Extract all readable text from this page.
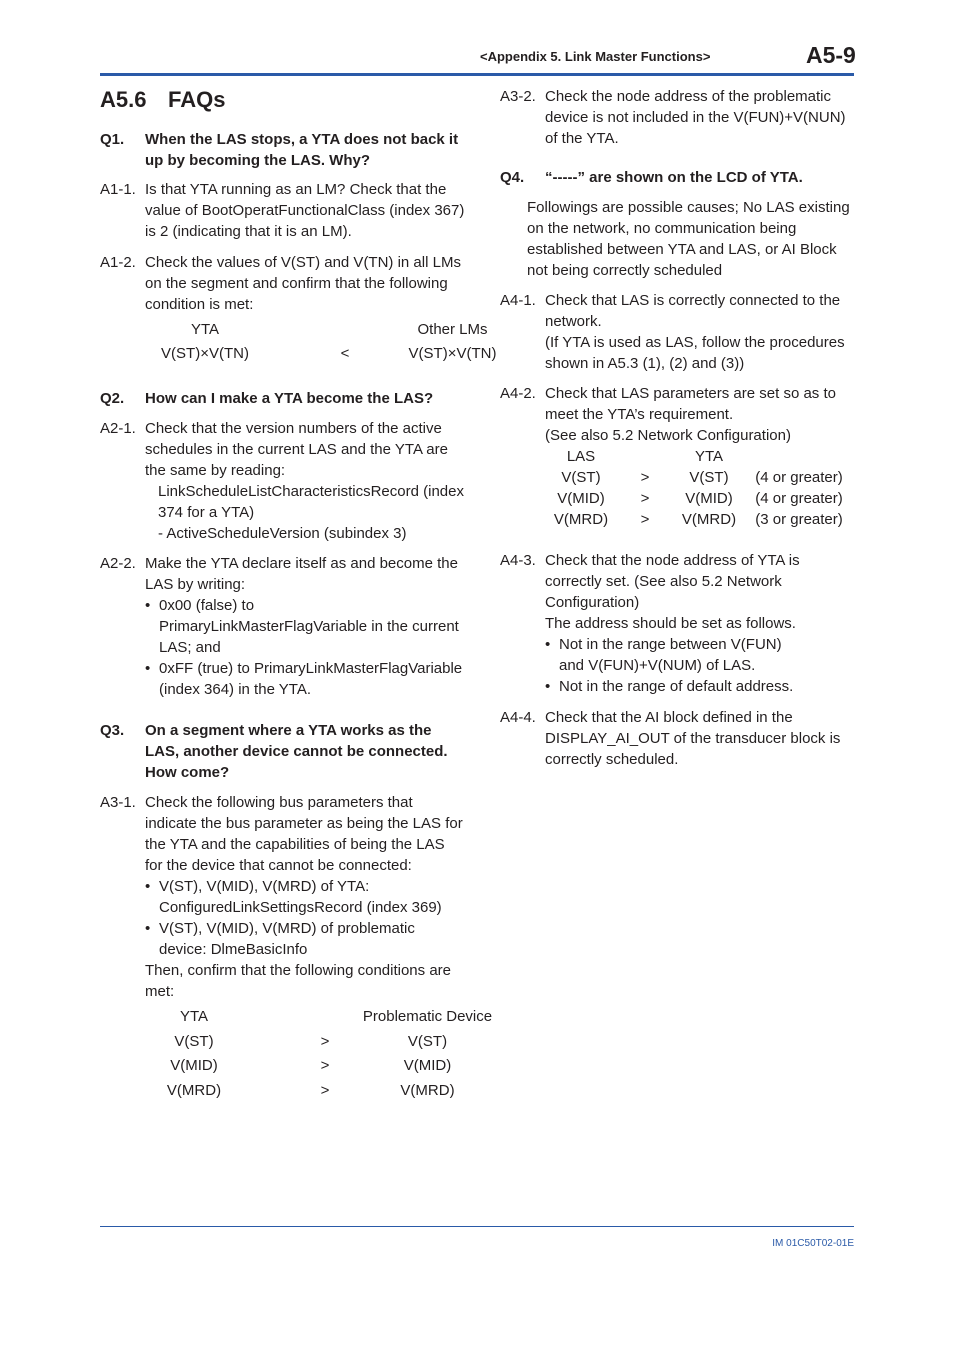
<Appendix 5. Link Master Functions>	A5-9
A5.6 FAQs
Q1.	When the LAS stops, a YTA does not back it up by becoming the LAS. Why?
A1-1. Is that YTA running as an LM? Check that the value of BootOperatFunctionalClass (index 367) is 2 (indicating that it is an LM).
A1-2. Check the values of V(ST) and V(TN) in all LMs on the segment and confirm that the following condition is met:
YTA	Other LMs
V(ST)×V(TN)	<	V(ST)×V(TN)
Q2.	How can I make a YTA become the LAS?
A2-1. Check that the version numbers of the active schedules in the current LAS and the YTA are the same by reading:
LinkScheduleListCharacteristicsRecord (index 374 for a YTA)
- ActiveScheduleVersion (subindex 3)
A2-2. Make the YTA declare itself as and become the LAS by writing:
• 0x00 (false) to PrimaryLinkMasterFlagVariable in the current LAS; and
• 0xFF (true) to PrimaryLinkMasterFlagVariable (index 364) in the YTA.
Q3.	On a segment where a YTA works as the LAS, another device cannot be connected. How come?
A3-1. Check the following bus parameters that indicate the bus parameter as being the LAS for the YTA and the capabilities of being the LAS for the device that cannot be connected:
• V(ST), V(MID), V(MRD) of YTA: ConfiguredLinkSettingsRecord (index 369)
• V(ST), V(MID), V(MRD) of problematic device: DlmeBasicInfo
Then, confirm that the following conditions are met:
YTA	Problematic Device
V(ST)	>	V(ST)
V(MID)	>	V(MID)
V(MRD)	>	V(MRD)
A3-2. Check the node address of the problematic device is not included in the V(FUN)+V(NUN) of the YTA.
Q4.	“-----” are shown on the LCD of YTA.
Followings are possible causes; No LAS existing on the network, no communication being established between YTA and LAS, or AI Block not being correctly scheduled
A4-1. Check that LAS is correctly connected to the network.
(If YTA is used as LAS, follow the procedures shown in A5.3 (1), (2) and (3))
A4-2. Check that LAS parameters are set so as to meet the YTA’s requirement.
(See also 5.2 Network Configuration)
LAS	YTA
V(ST)	>	V(ST)	(4 or greater)
V(MID)	>	V(MID)	(4 or greater)
V(MRD)	>	V(MRD)	(3 or greater)
A4-3. Check that the node address of YTA is correctly set. (See also 5.2 Network Configuration)
The address should be set as follows.
• Not in the range between V(FUN) and V(FUN)+V(NUM) of LAS.
• Not in the range of default address.
A4-4. Check that the AI block defined in the DISPLAY_AI_OUT of the transducer block is correctly scheduled.
IM 01C50T02-01E
